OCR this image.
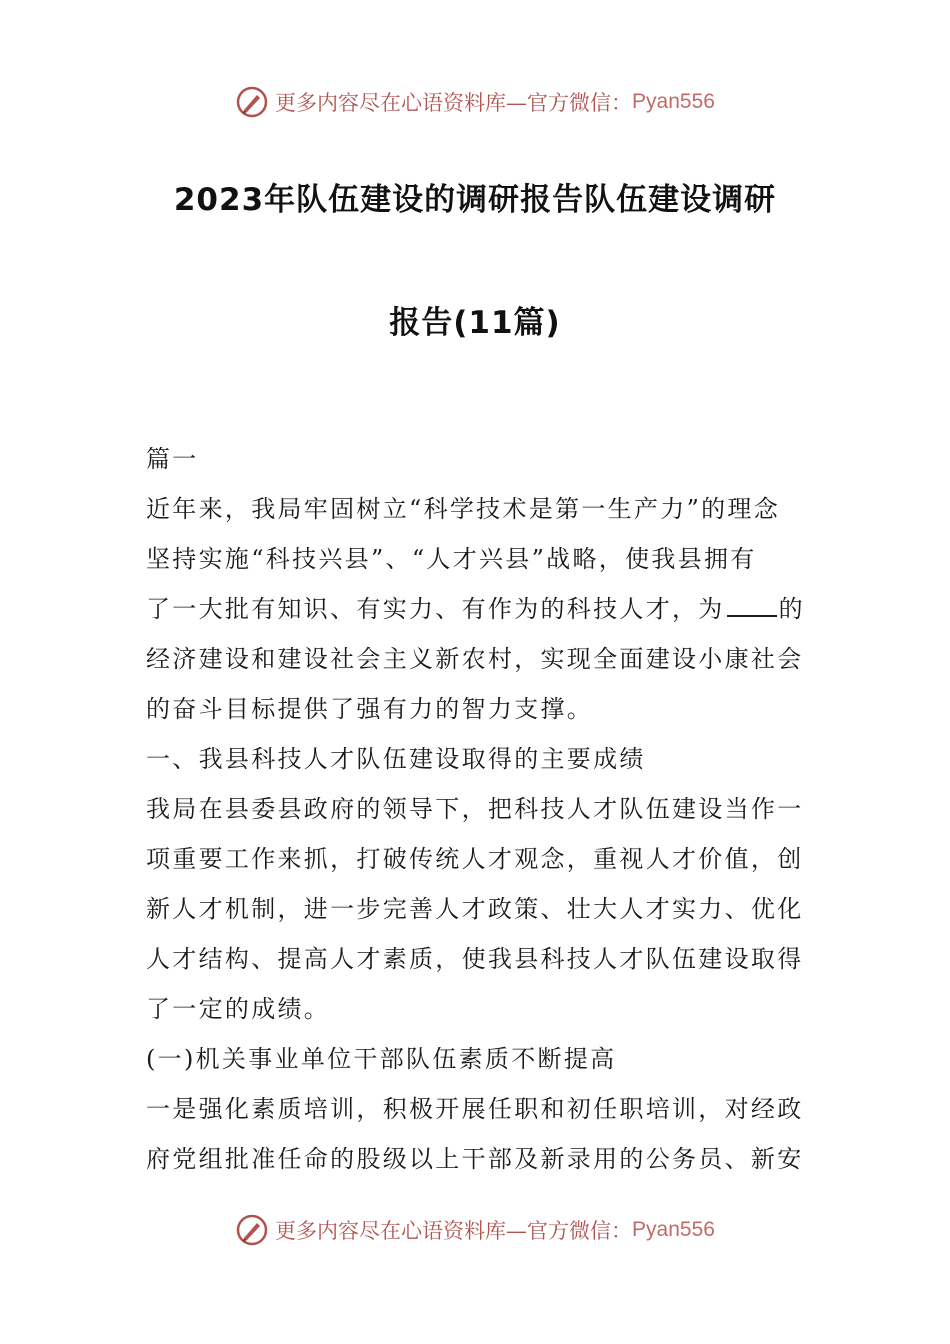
更多内容尽在心语资料库—官方微信： Pyan556
2023年队伍建设的调研报告队伍建设调研
报告(11篇)
篇一
近年来，我局牢固树立“科学技术是第一生产力”的理念
坚持实施“科技兴县”、“人才兴县”战略，使我县拥有
了一大批有知识、有实力、有作为的科技人才，为 的
经济建设和建设社会主义新农村，实现全面建设小康社会
的奋斗目标提供了强有力的智力支撑。
一、我县科技人才队伍建设取得的主要成绩
我局在县委县政府的领导下，把科技人才队伍建设当作一
项重要工作来抓，打破传统人才观念，重视人才价值，创
新人才机制，进一步完善人才政策、壮大人才实力、优化
人才结构、提高人才素质，使我县科技人才队伍建设取得
了一定的成绩。
(一)机关事业单位干部队伍素质不断提高
一是强化素质培训，积极开展任职和初任职培训，对经政
府党组批准任命的股级以上干部及新录用的公务员、新安
更多内容尽在心语资料库—官方微信： Pyan556
